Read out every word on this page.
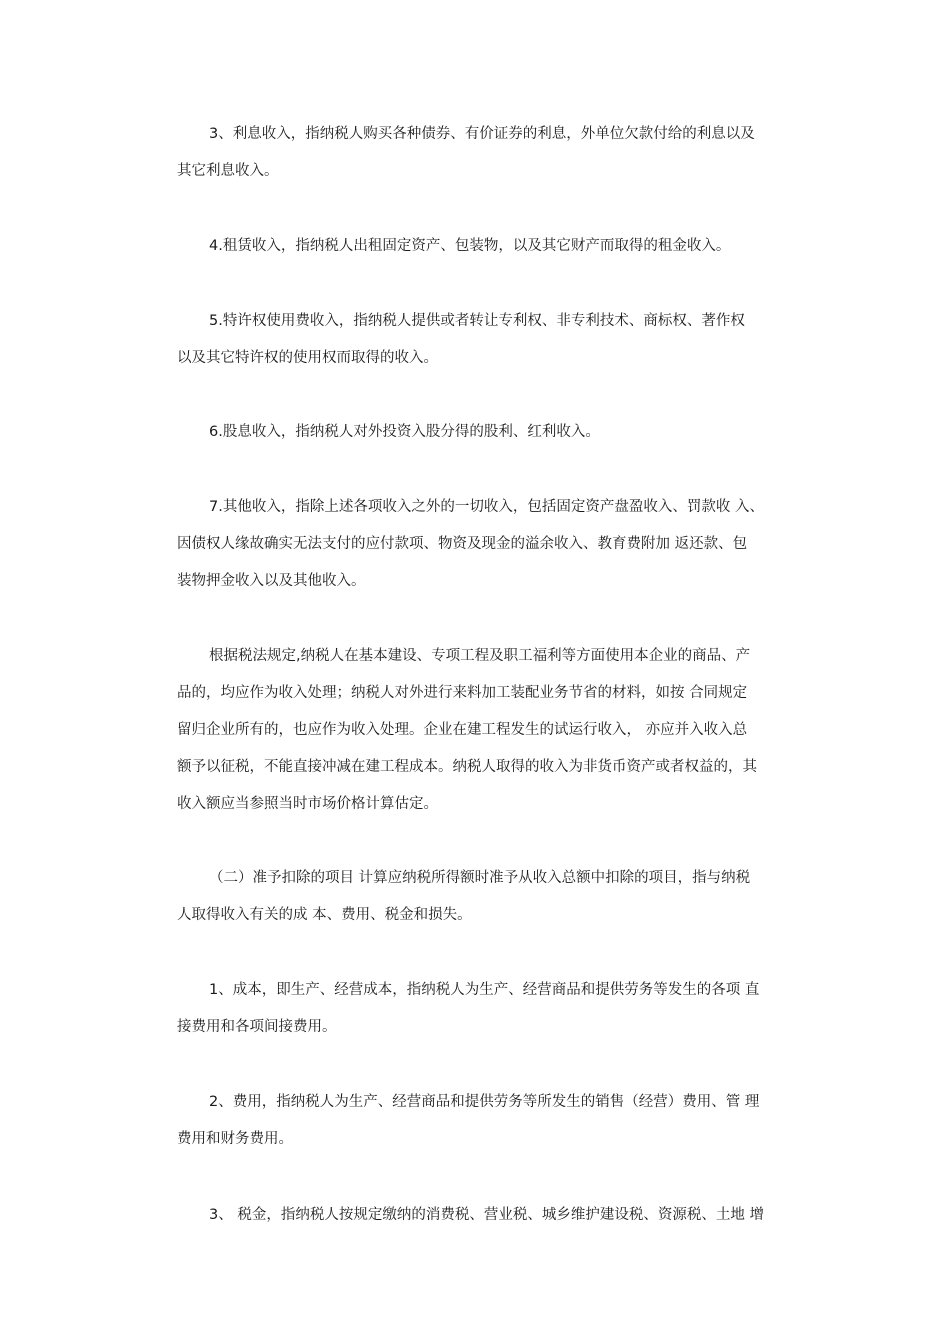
3、利息收入，指纳税人购买各种债券、有价证券的利息，外单位欠款付给的利息以及
其它利息收入。
4.租赁收入，指纳税人出租固定资产、包装物，以及其它财产而取得的租金收入。
5.特许权使用费收入，指纳税人提供或者转让专利权、非专利技术、商标权、著作权
以及其它特许权的使用权而取得的收入。
6.股息收入，指纳税人对外投资入股分得的股利、红利收入。
7.其他收入，指除上述各项收入之外的一切收入，包括固定资产盘盈收入、罚款收 入、
因债权人缘故确实无法支付的应付款项、物资及现金的溢余收入、教育费附加 返还款、包
装物押金收入以及其他收入。
根据税法规定,纳税人在基本建设、专项工程及职工福利等方面使用本企业的商品、产
品的，均应作为收入处理；纳税人对外进行来料加工装配业务节省的材料，如按 合同规定
留归企业所有的，也应作为收入处理。企业在建工程发生的试运行收入， 亦应并入收入总
额予以征税，不能直接冲减在建工程成本。纳税人取得的收入为非货币资产或者权益的，其
收入额应当参照当时市场价格计算估定。
（二）准予扣除的项目 计算应纳税所得额时准予从收入总额中扣除的项目，指与纳税
人取得收入有关的成 本、费用、税金和损失。
1、成本，即生产、经营成本，指纳税人为生产、经营商品和提供劳务等发生的各项 直
接费用和各项间接费用。
2、费用，指纳税人为生产、经营商品和提供劳务等所发生的销售（经营）费用、管 理
费用和财务费用。
3、 税金，指纳税人按规定缴纳的消费税、营业税、城乡维护建设税、资源税、土地 增
